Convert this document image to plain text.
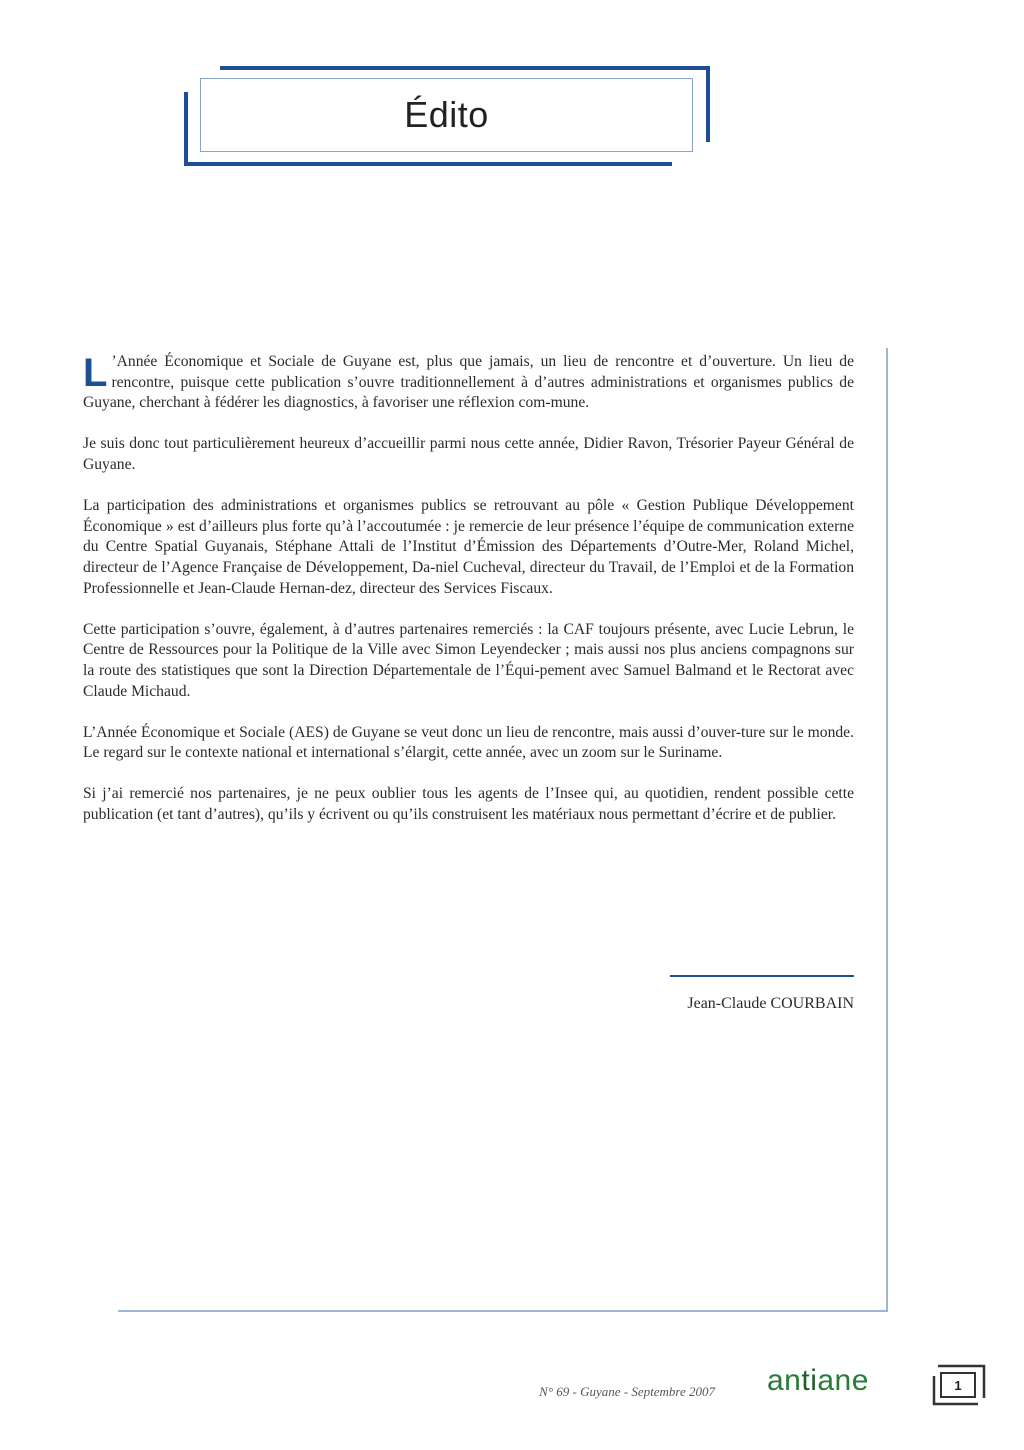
Édito

L ’Année Économique et Sociale de Guyane est, plus que jamais, un lieu de rencontre et d’ouverture. Un lieu de rencontre, puisque cette publication s’ouvre traditionnellement à d’autres administrations et organismes publics de Guyane, cherchant à fédérer les diagnostics, à favoriser une réflexion com-mune.

Je suis donc tout particulièrement heureux d’accueillir parmi nous cette année, Didier Ravon, Trésorier Payeur Général de Guyane.

La participation des administrations et organismes publics se retrouvant au pôle « Gestion Publique Développement Économique » est d’ailleurs plus forte qu’à l’accoutumée : je remercie de leur présence l’équipe de communication externe du Centre Spatial Guyanais, Stéphane Attali de l’Institut d’Émission des Départements d’Outre-Mer, Roland Michel, directeur de l’Agence Française de Développement, Da-niel Cucheval, directeur du Travail, de l’Emploi et de la Formation Professionnelle et Jean-Claude Hernan-dez, directeur des Services Fiscaux.

Cette participation s’ouvre, également, à d’autres partenaires remerciés : la CAF toujours présente, avec Lucie Lebrun, le Centre de Ressources pour la Politique de la Ville avec Simon Leyendecker ; mais aussi nos plus anciens compagnons sur la route des statistiques que sont la Direction Départementale de l’Équi-pement avec Samuel Balmand et le Rectorat avec Claude Michaud.

L’Année Économique et Sociale (AES) de Guyane se veut donc un lieu de rencontre, mais aussi d’ouver-ture sur le monde. Le regard sur le contexte national et international s’élargit, cette année, avec un zoom sur le Suriname.

Si j’ai remercié nos partenaires, je ne peux oublier tous les agents de l’Insee qui, au quotidien, rendent possible cette publication (et tant d’autres), qu’ils y écrivent ou qu’ils construisent les matériaux nous permettant d’écrire et de publier.

Jean-Claude COURBAIN
N° 69 - Guyane - Septembre 2007 antiane	1
